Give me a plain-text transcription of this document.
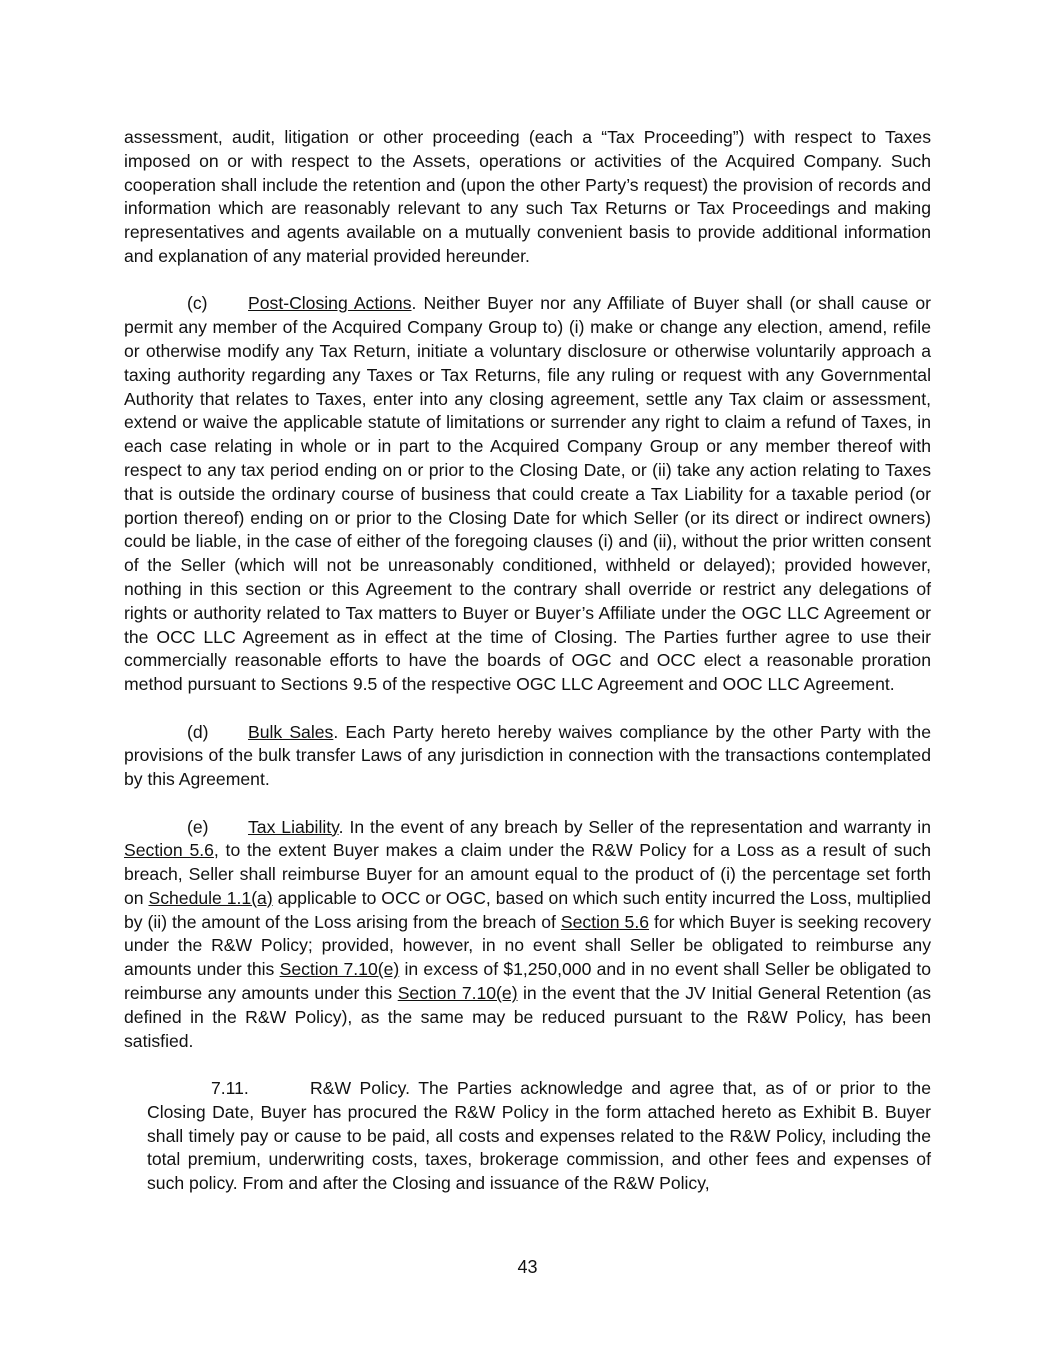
assessment, audit, litigation or other proceeding (each a “Tax Proceeding”) with respect to Taxes imposed on or with respect to the Assets, operations or activities of the Acquired Company. Such cooperation shall include the retention and (upon the other Party’s request) the provision of records and information which are reasonably relevant to any such Tax Returns or Tax Proceedings and making representatives and agents available on a mutually convenient basis to provide additional information and explanation of any material provided hereunder.

(c) Post-Closing Actions. Neither Buyer nor any Affiliate of Buyer shall (or shall cause or permit any member of the Acquired Company Group to) (i) make or change any election, amend, refile or otherwise modify any Tax Return, initiate a voluntary disclosure or otherwise voluntarily approach a taxing authority regarding any Taxes or Tax Returns, file any ruling or request with any Governmental Authority that relates to Taxes, enter into any closing agreement, settle any Tax claim or assessment, extend or waive the applicable statute of limitations or surrender any right to claim a refund of Taxes, in each case relating in whole or in part to the Acquired Company Group or any member thereof with respect to any tax period ending on or prior to the Closing Date, or (ii) take any action relating to Taxes that is outside the ordinary course of business that could create a Tax Liability for a taxable period (or portion thereof) ending on or prior to the Closing Date for which Seller (or its direct or indirect owners) could be liable, in the case of either of the foregoing clauses (i) and (ii), without the prior written consent of the Seller (which will not be unreasonably conditioned, withheld or delayed); provided however, nothing in this section or this Agreement to the contrary shall override or restrict any delegations of rights or authority related to Tax matters to Buyer or Buyer’s Affiliate under the OGC LLC Agreement or the OCC LLC Agreement as in effect at the time of Closing. The Parties further agree to use their commercially reasonable efforts to have the boards of OGC and OCC elect a reasonable proration method pursuant to Sections 9.5 of the respective OGC LLC Agreement and OOC LLC Agreement.

(d) Bulk Sales. Each Party hereto hereby waives compliance by the other Party with the provisions of the bulk transfer Laws of any jurisdiction in connection with the transactions contemplated by this Agreement.

(e) Tax Liability. In the event of any breach by Seller of the representation and warranty in Section 5.6, to the extent Buyer makes a claim under the R&W Policy for a Loss as a result of such breach, Seller shall reimburse Buyer for an amount equal to the product of (i) the percentage set forth on Schedule 1.1(a) applicable to OCC or OGC, based on which such entity incurred the Loss, multiplied by (ii) the amount of the Loss arising from the breach of Section 5.6 for which Buyer is seeking recovery under the R&W Policy; provided, however, in no event shall Seller be obligated to reimburse any amounts under this Section 7.10(e) in excess of $1,250,000 and in no event shall Seller be obligated to reimburse any amounts under this Section 7.10(e) in the event that the JV Initial General Retention (as defined in the R&W Policy), as the same may be reduced pursuant to the R&W Policy, has been satisfied.

7.11.	R&W Policy. The Parties acknowledge and agree that, as of or prior to the Closing Date, Buyer has procured the R&W Policy in the form attached hereto as Exhibit B. Buyer shall timely pay or cause to be paid, all costs and expenses related to the R&W Policy, including the total premium, underwriting costs, taxes, brokerage commission, and other fees and expenses of such policy. From and after the Closing and issuance of the R&W Policy,

43
